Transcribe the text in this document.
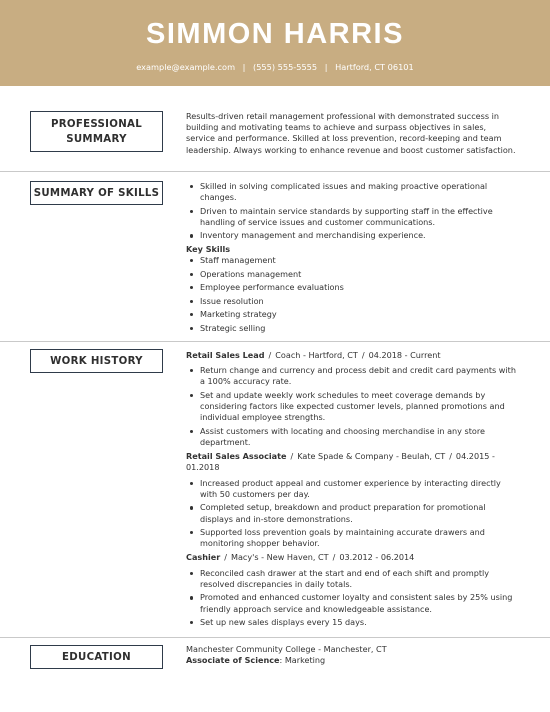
SIMMON HARRIS
example@example.com | (555) 555-5555 | Hartford, CT 06101
PROFESSIONAL
SUMMARY

Results-driven retail management professional with demonstrated success in building and motivating teams to achieve and surpass objectives in sales, service and performance. Skilled at loss prevention, record-keeping and team leadership. Always working to enhance revenue and boost customer satisfaction.

SUMMARY OF SKILLS
Skilled in solving complicated issues and making proactive operational changes.
Driven to maintain service standards by supporting staff in the effective handling of service issues and customer communications.
Inventory management and merchandising experience.
Key Skills
Staff management
Operations management
Employee performance evaluations
Issue resolution
Marketing strategy
Strategic selling
WORK HISTORY
Retail Sales Lead / Coach - Hartford, CT / 04.2018 - Current
Return change and currency and process debit and credit card payments with a 100% accuracy rate.
Set and update weekly work schedules to meet coverage demands by considering factors like expected customer levels, planned promotions and individual employee strengths.
Assist customers with locating and choosing merchandise in any store department.
Retail Sales Associate / Kate Spade & Company - Beulah, CT / 04.2015 - 01.2018
Increased product appeal and customer experience by interacting directly with 50 customers per day.
Completed setup, breakdown and product preparation for promotional displays and in-store demonstrations.
Supported loss prevention goals by maintaining accurate drawers and monitoring shopper behavior.
Cashier / Macy's - New Haven, CT / 03.2012 - 06.2014
Reconciled cash drawer at the start and end of each shift and promptly resolved discrepancies in daily totals.
Promoted and enhanced customer loyalty and consistent sales by 25% using friendly approach service and knowledgeable assistance.
Set up new sales displays every 15 days.
EDUCATION
Manchester Community College - Manchester, CT
Associate of Science: Marketing
